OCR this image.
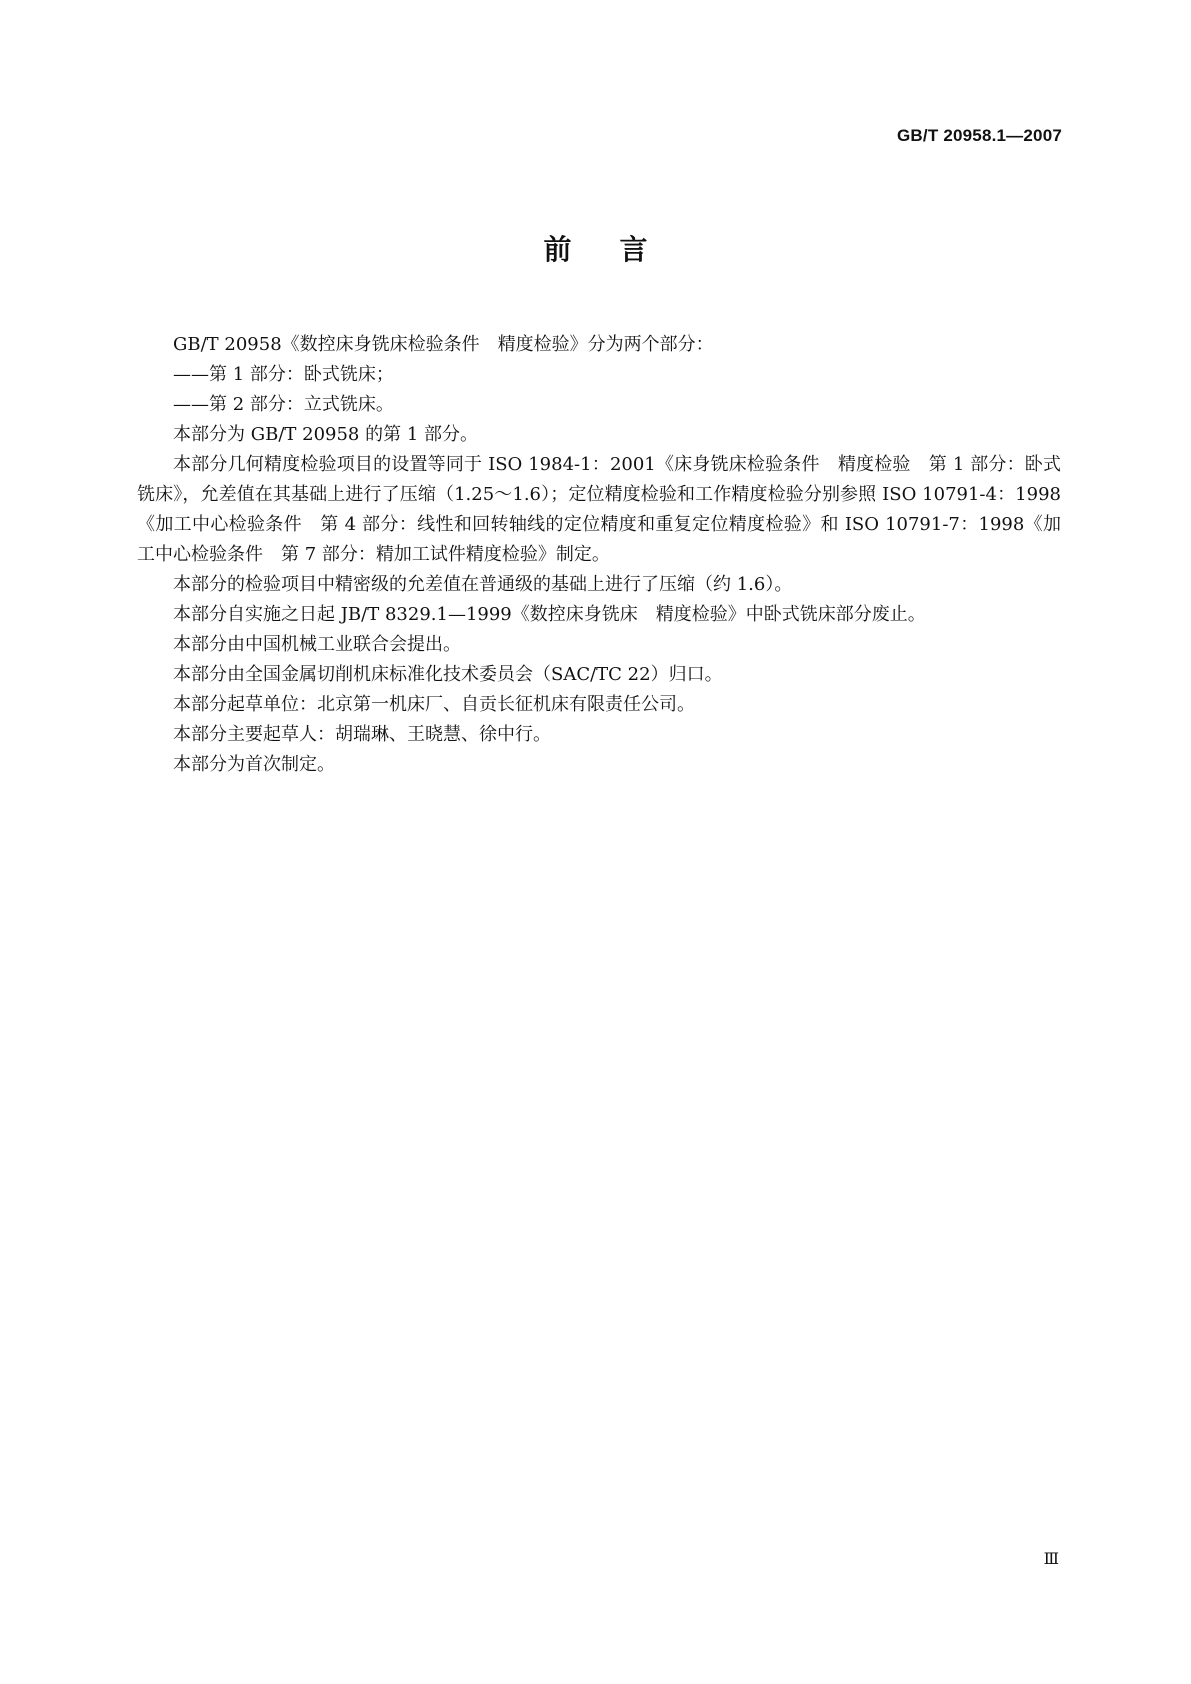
GB/T 20958.1—2007
前言

GB/T 20958《数控床身铣床检验条件　精度检验》分为两个部分：

——第 1 部分：卧式铣床；

——第 2 部分：立式铣床。

本部分为 GB/T 20958 的第 1 部分。

本部分几何精度检验项目的设置等同于 ISO 1984-1：2001《床身铣床检验条件　精度检验　第 1 部分：卧式铣床》，允差值在其基础上进行了压缩（1.25～1.6）；定位精度检验和工作精度检验分别参照 ISO 10791-4：1998《加工中心检验条件　第 4 部分：线性和回转轴线的定位精度和重复定位精度检验》和 ISO 10791-7：1998《加工中心检验条件　第 7 部分：精加工试件精度检验》制定。

本部分的检验项目中精密级的允差值在普通级的基础上进行了压缩（约 1.6）。

本部分自实施之日起 JB/T 8329.1—1999《数控床身铣床　精度检验》中卧式铣床部分废止。

本部分由中国机械工业联合会提出。

本部分由全国金属切削机床标准化技术委员会（SAC/TC 22）归口。

本部分起草单位：北京第一机床厂、自贡长征机床有限责任公司。

本部分主要起草人：胡瑞琳、王晓慧、徐中行。

本部分为首次制定。

Ⅲ
